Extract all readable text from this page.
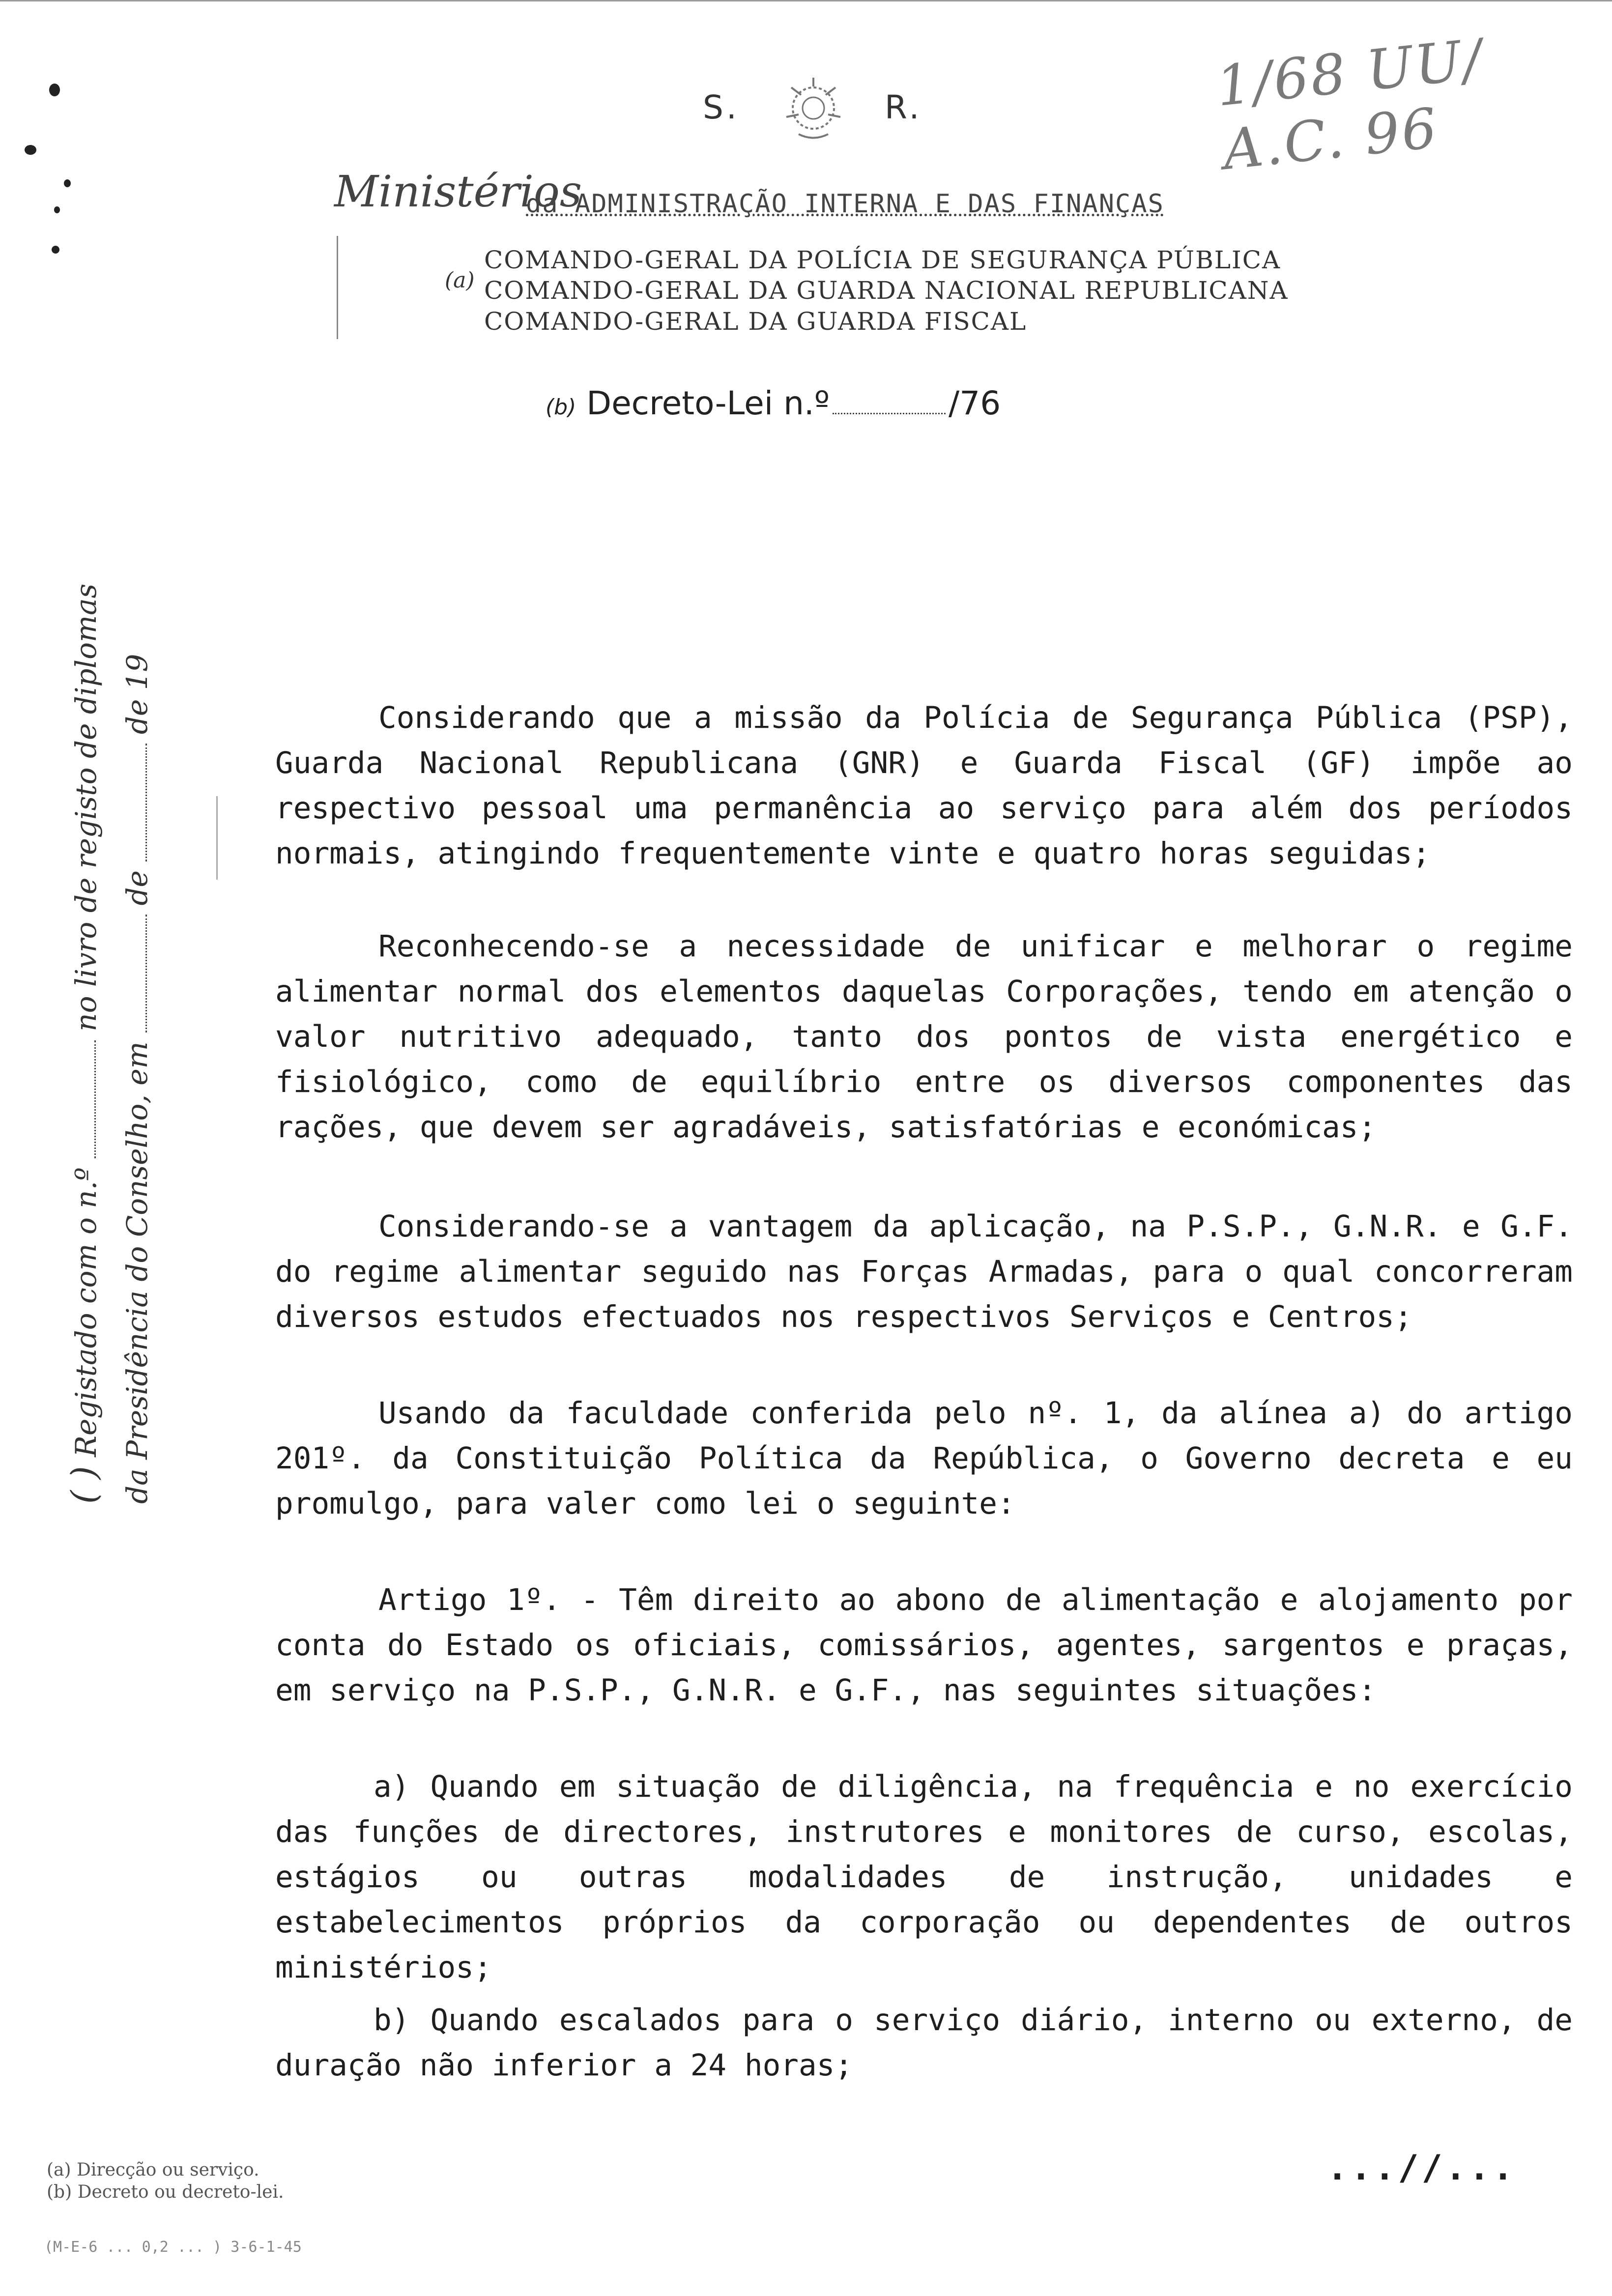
1/68 UU/ A.C. 96
S.	R.
Ministérios
da ADMINISTRAÇÃO INTERNA E DAS FINANÇAS
(a)
COMANDO-GERAL DA POLÍCIA DE SEGURANÇA PÚBLICA
COMANDO-GERAL DA GUARDA NACIONAL REPUBLICANA
COMANDO-GERAL DA GUARDA FISCAL
(b) Decreto-Lei n.º	/76
( ) Registado com o n.º  no livro de registo de diplomas
da Presidência do Conselho, em  de  de 19	Considerando que a missão da Polícia de Segurança Pública (PSP), Guarda Nacional Republicana (GNR) e Guarda Fiscal (GF) impõe ao respectivo pessoal uma permanência ao serviço para além dos períodos normais, atingindo frequentemente vinte e quatro horas seguidas;
Reconhecendo-se a necessidade de unificar e melhorar o regime alimentar normal dos elementos daquelas Corporações, tendo em atenção o valor nutritivo adequado, tanto dos pontos de vista energético e fisiológico, como de equilíbrio entre os diversos componentes das rações, que devem ser agradáveis, satisfatórias e económicas;
Considerando-se a vantagem da aplicação, na P.S.P., G.N.R. e G.F. do regime alimentar seguido nas Forças Armadas, para o qual concorreram diversos estudos efectuados nos respectivos Serviços e Centros;
Usando da faculdade conferida pelo nº. 1, da alínea a) do artigo 201º. da Constituição Política da República, o Governo decreta e eu promulgo, para valer como lei o seguinte:
Artigo 1º. - Têm direito ao abono de alimentação e alojamento por conta do Estado os oficiais, comissários, agentes, sargentos e praças, em serviço na P.S.P., G.N.R. e G.F., nas seguintes situações:
a) Quando em situação de diligência, na frequência e no exercício das funções de directores, instrutores e monitores de curso, escolas, estágios ou outras modalidades de instrução, unidades e estabelecimentos próprios da corporação ou dependentes de outros ministérios;
b) Quando escalados para o serviço diário, interno ou externo, de duração não inferior a 24 horas;
...//...
(a) Direcção ou serviço.
(b) Decreto ou decreto-lei.
(M-E-6 ... 0,2 ... ) 3-6-1-45
